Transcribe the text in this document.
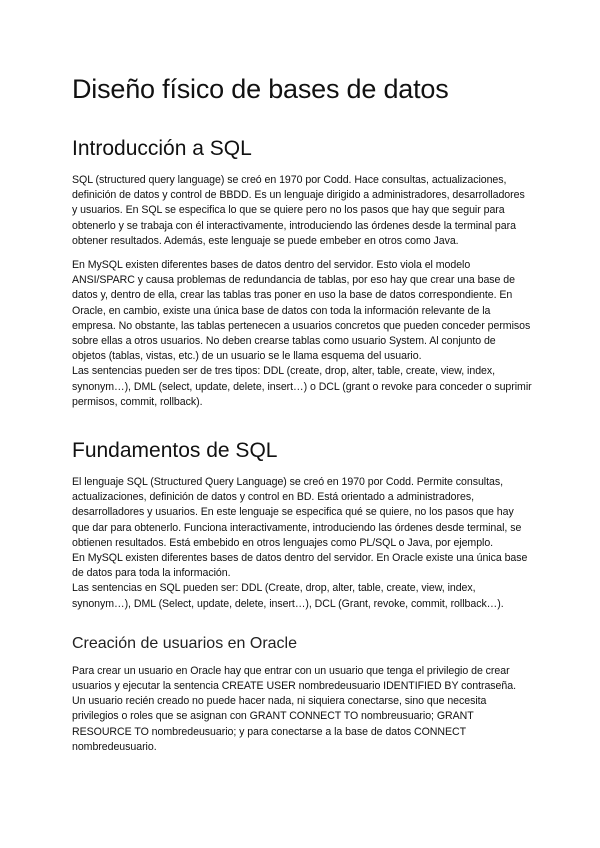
Diseño físico de bases de datos
Introducción a SQL

SQL (structured query language) se creó en 1970 por Codd. Hace consultas, actualizaciones, definición de datos y control de BBDD. Es un lenguaje dirigido a administradores, desarrolladores y usuarios. En SQL se especifica lo que se quiere pero no los pasos que hay que seguir para obtenerlo y se trabaja con él interactivamente, introduciendo las órdenes desde la terminal para obtener resultados. Además, este lenguaje se puede embeber en otros como Java.

En MySQL existen diferentes bases de datos dentro del servidor. Esto viola el modelo ANSI/SPARC y causa problemas de redundancia de tablas, por eso hay que crear una base de datos y, dentro de ella, crear las tablas tras poner en uso la base de datos correspondiente. En Oracle, en cambio, existe una única base de datos con toda la información relevante de la empresa. No obstante, las tablas pertenecen a usuarios concretos que pueden conceder permisos sobre ellas a otros usuarios. No deben crearse tablas como usuario System. Al conjunto de objetos (tablas, vistas, etc.) de un usuario se le llama esquema del usuario.

Las sentencias pueden ser de tres tipos: DDL (create, drop, alter, table, create, view, index, synonym…), DML (select, update, delete, insert…) o DCL (grant o revoke para conceder o suprimir permisos, commit, rollback).

Fundamentos de SQL

El lenguaje SQL (Structured Query Language) se creó en 1970 por Codd. Permite consultas, actualizaciones, definición de datos y control en BD. Está orientado a administradores, desarrolladores y usuarios. En este lenguaje se especifica qué se quiere, no los pasos que hay que dar para obtenerlo. Funciona interactivamente, introduciendo las órdenes desde terminal, se obtienen resultados. Está embebido en otros lenguajes como PL/SQL o Java, por ejemplo.

En MySQL existen diferentes bases de datos dentro del servidor. En Oracle existe una única base de datos para toda la información.

Las sentencias en SQL pueden ser: DDL (Create, drop, alter, table, create, view, index, synonym…), DML (Select, update, delete, insert…), DCL (Grant, revoke, commit, rollback…).

Creación de usuarios en Oracle

Para crear un usuario en Oracle hay que entrar con un usuario que tenga el privilegio de crear usuarios y ejecutar la sentencia CREATE USER nombredeusuario IDENTIFIED BY contraseña. Un usuario recién creado no puede hacer nada, ni siquiera conectarse, sino que necesita privilegios o roles que se asignan con GRANT CONNECT TO nombreusuario; GRANT RESOURCE TO nombredeusuario; y para conectarse a la base de datos CONNECT nombredeusuario.
